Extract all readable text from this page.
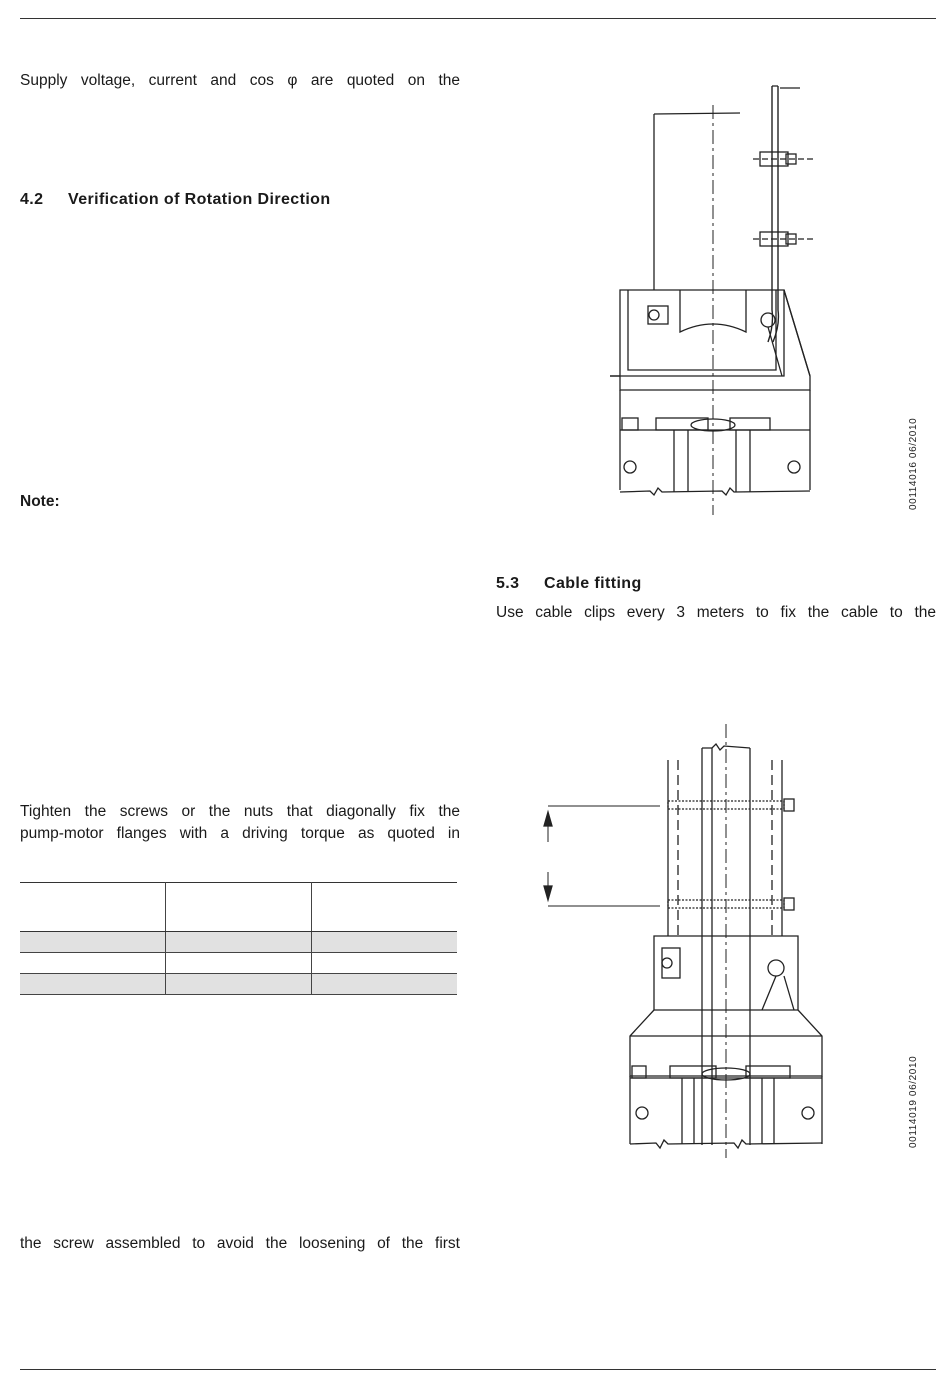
Supply voltage, current and cos φ are quoted on the

4.2 Verification of Rotation Direction

Note:

Tighten the screws or the nuts that diagonally fix the

pump-motor flanges with a driving torque as quoted in

the screw assembled to avoid the loosening of the first

00114016 06/2010

5.3 Cable fitting

Use cable clips every 3 meters to fix the cable to the

00114019 06/2010
